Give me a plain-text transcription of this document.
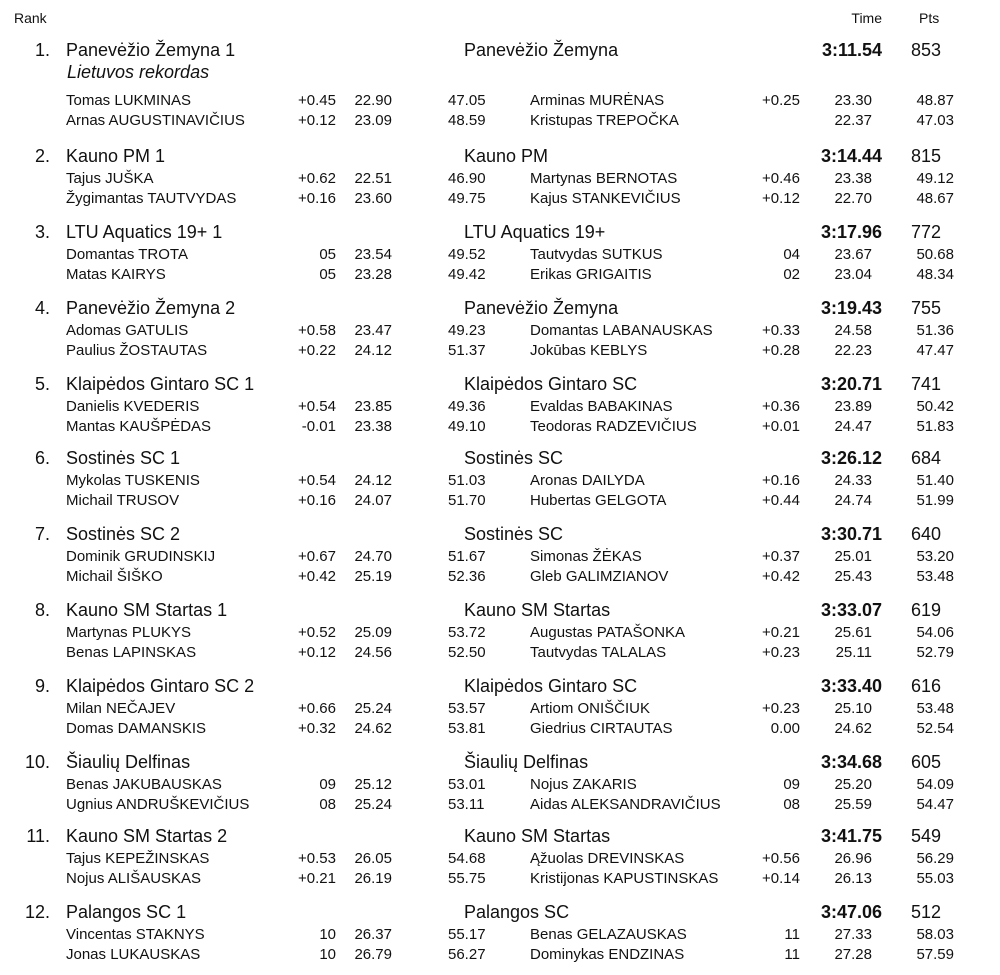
Rank	Time	Pts
1. Panevėžio Žemyna 1	Panevėžio Žemyna	3:11.54 853
Lietuvos rekordas
Tomas LUKMINAS	+0.45 22.90	47.05	Arminas MURĖNAS	+0.25 23.30	48.87
Arnas AUGUSTINAVIČIUS	+0.12 23.09	48.59	Kristupas TREPOČKA	22.37	47.03
2. Kauno PM 1	Kauno PM	3:14.44 815
Tajus JUŠKA	+0.62 22.51	46.90	Martynas BERNOTAS	+0.46 23.38	49.12
Žygimantas TAUTVYDAS	+0.16 23.60	49.75	Kajus STANKEVIČIUS	+0.12 22.70	48.67
3. LTU Aquatics 19+ 1	LTU Aquatics 19+	3:17.96 772
Domantas TROTA	05 23.54	49.52	Tautvydas SUTKUS	04 23.67	50.68
Matas KAIRYS	05 23.28	49.42	Erikas GRIGAITIS	02 23.04	48.34
4. Panevėžio Žemyna 2	Panevėžio Žemyna	3:19.43 755
Adomas GATULIS	+0.58 23.47	49.23	Domantas LABANAUSKAS	+0.33 24.58	51.36
Paulius ŽOSTAUTAS	+0.22 24.12	51.37	Jokūbas KEBLYS	+0.28 22.23	47.47
5. Klaipėdos Gintaro SC 1	Klaipėdos Gintaro SC	3:20.71 741
Danielis KVEDERIS	+0.54 23.85	49.36	Evaldas BABAKINAS	+0.36 23.89	50.42
Mantas KAUŠPĖDAS	-0.01 23.38	49.10	Teodoras RADZEVIČIUS	+0.01 24.47	51.83
6. Sostinės SC 1	Sostinės SC	3:26.12 684
Mykolas TUSKENIS	+0.54 24.12	51.03	Aronas DAILYDA	+0.16 24.33	51.40
Michail TRUSOV	+0.16 24.07	51.70	Hubertas GELGOTA	+0.44 24.74	51.99
7. Sostinės SC 2	Sostinės SC	3:30.71 640
Dominik GRUDINSKIJ	+0.67 24.70	51.67	Simonas ŽĖKAS	+0.37 25.01	53.20
Michail ŠIŠKO	+0.42 25.19	52.36	Gleb GALIMZIANOV	+0.42 25.43	53.48
8. Kauno SM Startas 1	Kauno SM Startas	3:33.07 619
Martynas PLUKYS	+0.52 25.09	53.72	Augustas PATAŠONKA	+0.21 25.61	54.06
Benas LAPINSKAS	+0.12 24.56	52.50	Tautvydas TALALAS	+0.23 25.11	52.79
9. Klaipėdos Gintaro SC 2	Klaipėdos Gintaro SC	3:33.40 616
Milan NEČAJEV	+0.66 25.24	53.57	Artiom ONIŠČIUK	+0.23 25.10	53.48
Domas DAMANSKIS	+0.32 24.62	53.81	Giedrius CIRTAUTAS	0.00 24.62	52.54
10. Šiaulių Delfinas	Šiaulių Delfinas	3:34.68 605
Benas JAKUBAUSKAS	09 25.12	53.01	Nojus ZAKARIS	09 25.20	54.09
Ugnius ANDRUŠKEVIČIUS	08 25.24	53.11	Aidas ALEKSANDRAVIČIUS	08 25.59	54.47
11. Kauno SM Startas 2	Kauno SM Startas	3:41.75 549
Tajus KEPEŽINSKAS	+0.53 26.05	54.68	Ąžuolas DREVINSKAS	+0.56 26.96	56.29
Nojus ALIŠAUSKAS	+0.21 26.19	55.75	Kristijonas KAPUSTINSKAS	+0.14 26.13	55.03
12. Palangos SC 1	Palangos SC	3:47.06 512
Vincentas STAKNYS	10 26.37	55.17	Benas GELAZAUSKAS	11 27.33	58.03
Jonas LUKAUSKAS	10 26.79	56.27	Dominykas ENDZINAS	11 27.28	57.59
